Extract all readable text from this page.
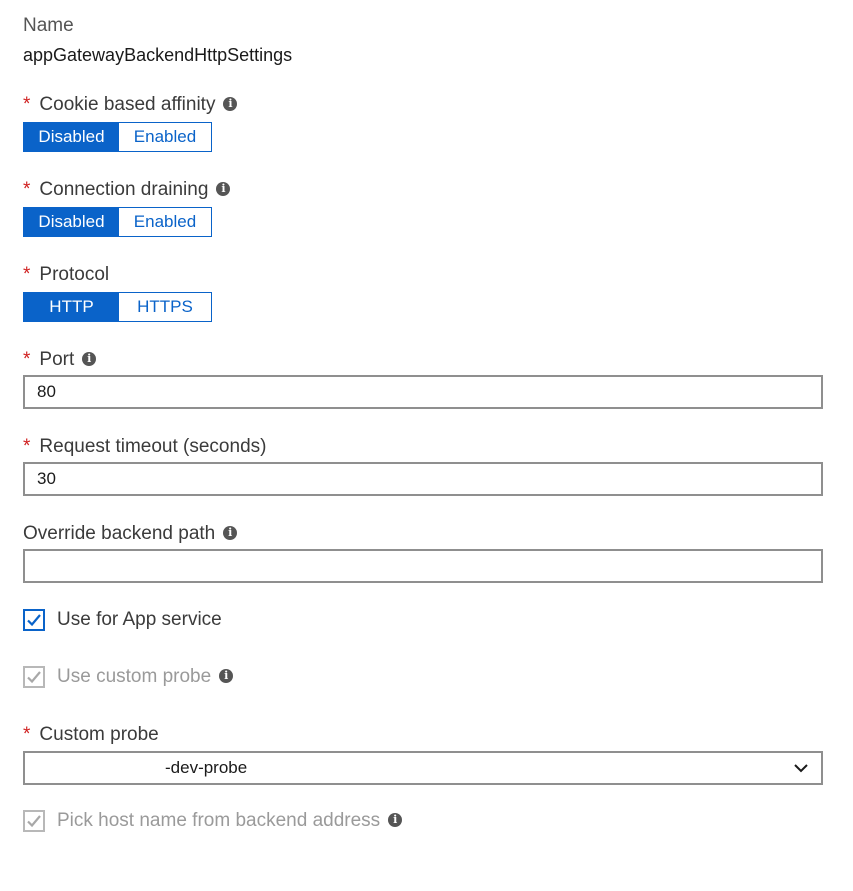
Name
appGatewayBackendHttpSettings
* Cookie based affinity i
Disabled	Enabled
* Connection draining i
Disabled	Enabled
* Protocol
HTTP	HTTPS
* Port i
80
* Request timeout (seconds)
30
Override backend path i
Use for App service
Use custom probe	i
* Custom probe
-dev-probe
Pick host name from backend address	i
